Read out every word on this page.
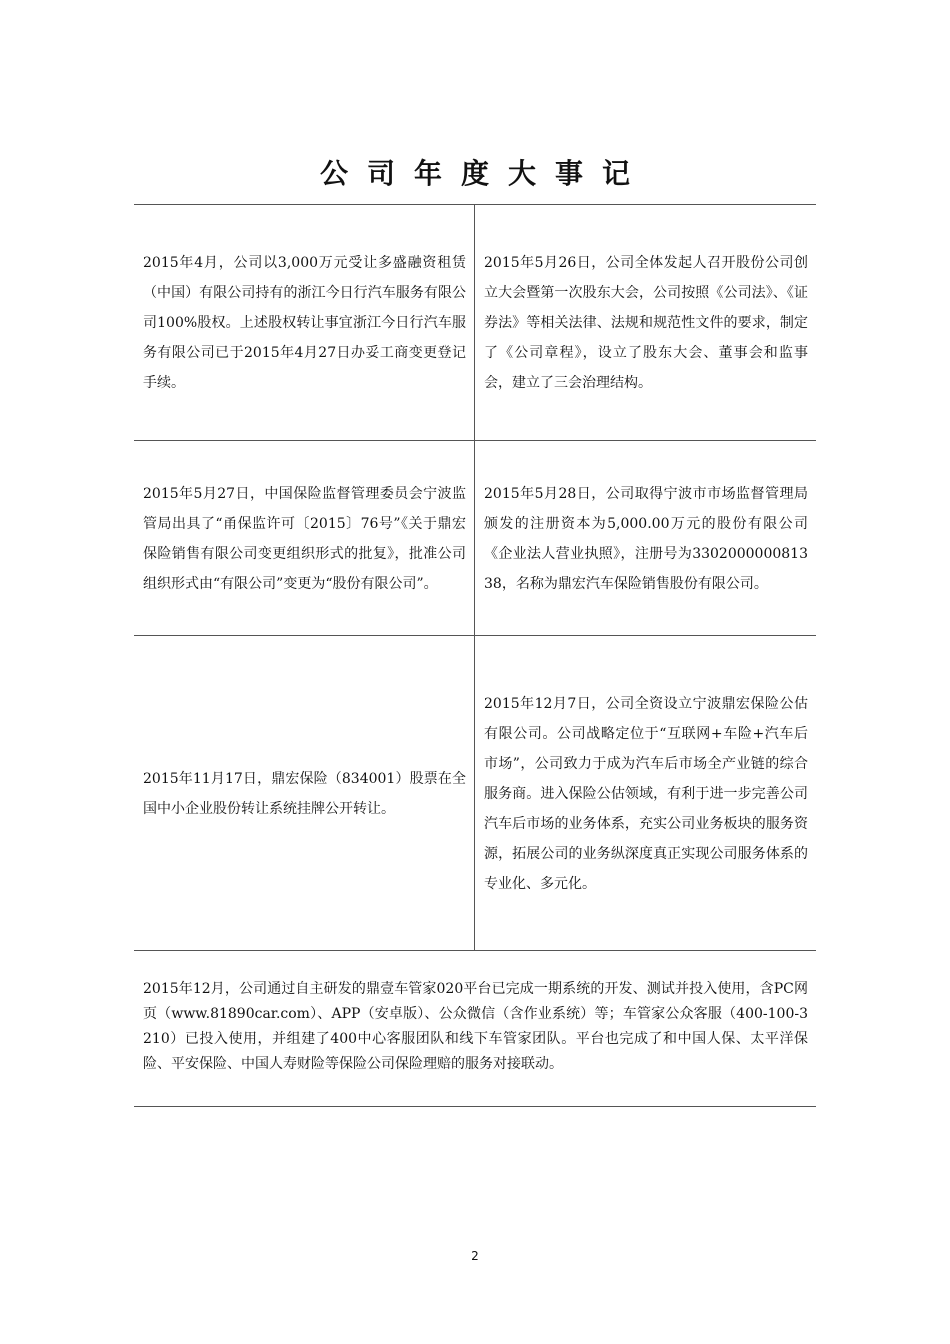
公司年度大事记
2015年4月，公司以3,000万元受让多盛融资租赁（中国）有限公司持有的浙江今日行汽车服务有限公司100%股权。上述股权转让事宜浙江今日行汽车服务有限公司已于2015年4月27日办妥工商变更登记手续。	2015年5月26日，公司全体发起人召开股份公司创立大会暨第一次股东大会，公司按照《公司法》、《证券法》等相关法律、法规和规范性文件的要求，制定了《公司章程》，设立了股东大会、董事会和监事会，建立了三会治理结构。
2015年5月27日，中国保险监督管理委员会宁波监管局出具了“甬保监许可〔2015〕76号”《关于鼎宏保险销售有限公司变更组织形式的批复》，批准公司组织形式由“有限公司”变更为“股份有限公司”。	2015年5月28日，公司取得宁波市市场监督管理局颁发的注册资本为5,000.00万元的股份有限公司《企业法人营业执照》，注册号为330200000081338，名称为鼎宏汽车保险销售股份有限公司。
2015年11月17日，鼎宏保险（834001）股票在全国中小企业股份转让系统挂牌公开转让。	2015年12月7日，公司全资设立宁波鼎宏保险公估有限公司。公司战略定位于“互联网+车险+汽车后市场”，公司致力于成为汽车后市场全产业链的综合服务商。进入保险公估领域，有利于进一步完善公司汽车后市场的业务体系，充实公司业务板块的服务资源，拓展公司的业务纵深度真正实现公司服务体系的专业化、多元化。
2015年12月，公司通过自主研发的鼎壹车管家020平台已完成一期系统的开发、测试并投入使用，含PC网页（www.81890car.com）、APP（安卓版）、公众微信（含作业系统）等；车管家公众客服（400-100-3210）已投入使用，并组建了400中心客服团队和线下车管家团队。平台也完成了和中国人保、太平洋保险、平安保险、中国人寿财险等保险公司保险理赔的服务对接联动。	
2
